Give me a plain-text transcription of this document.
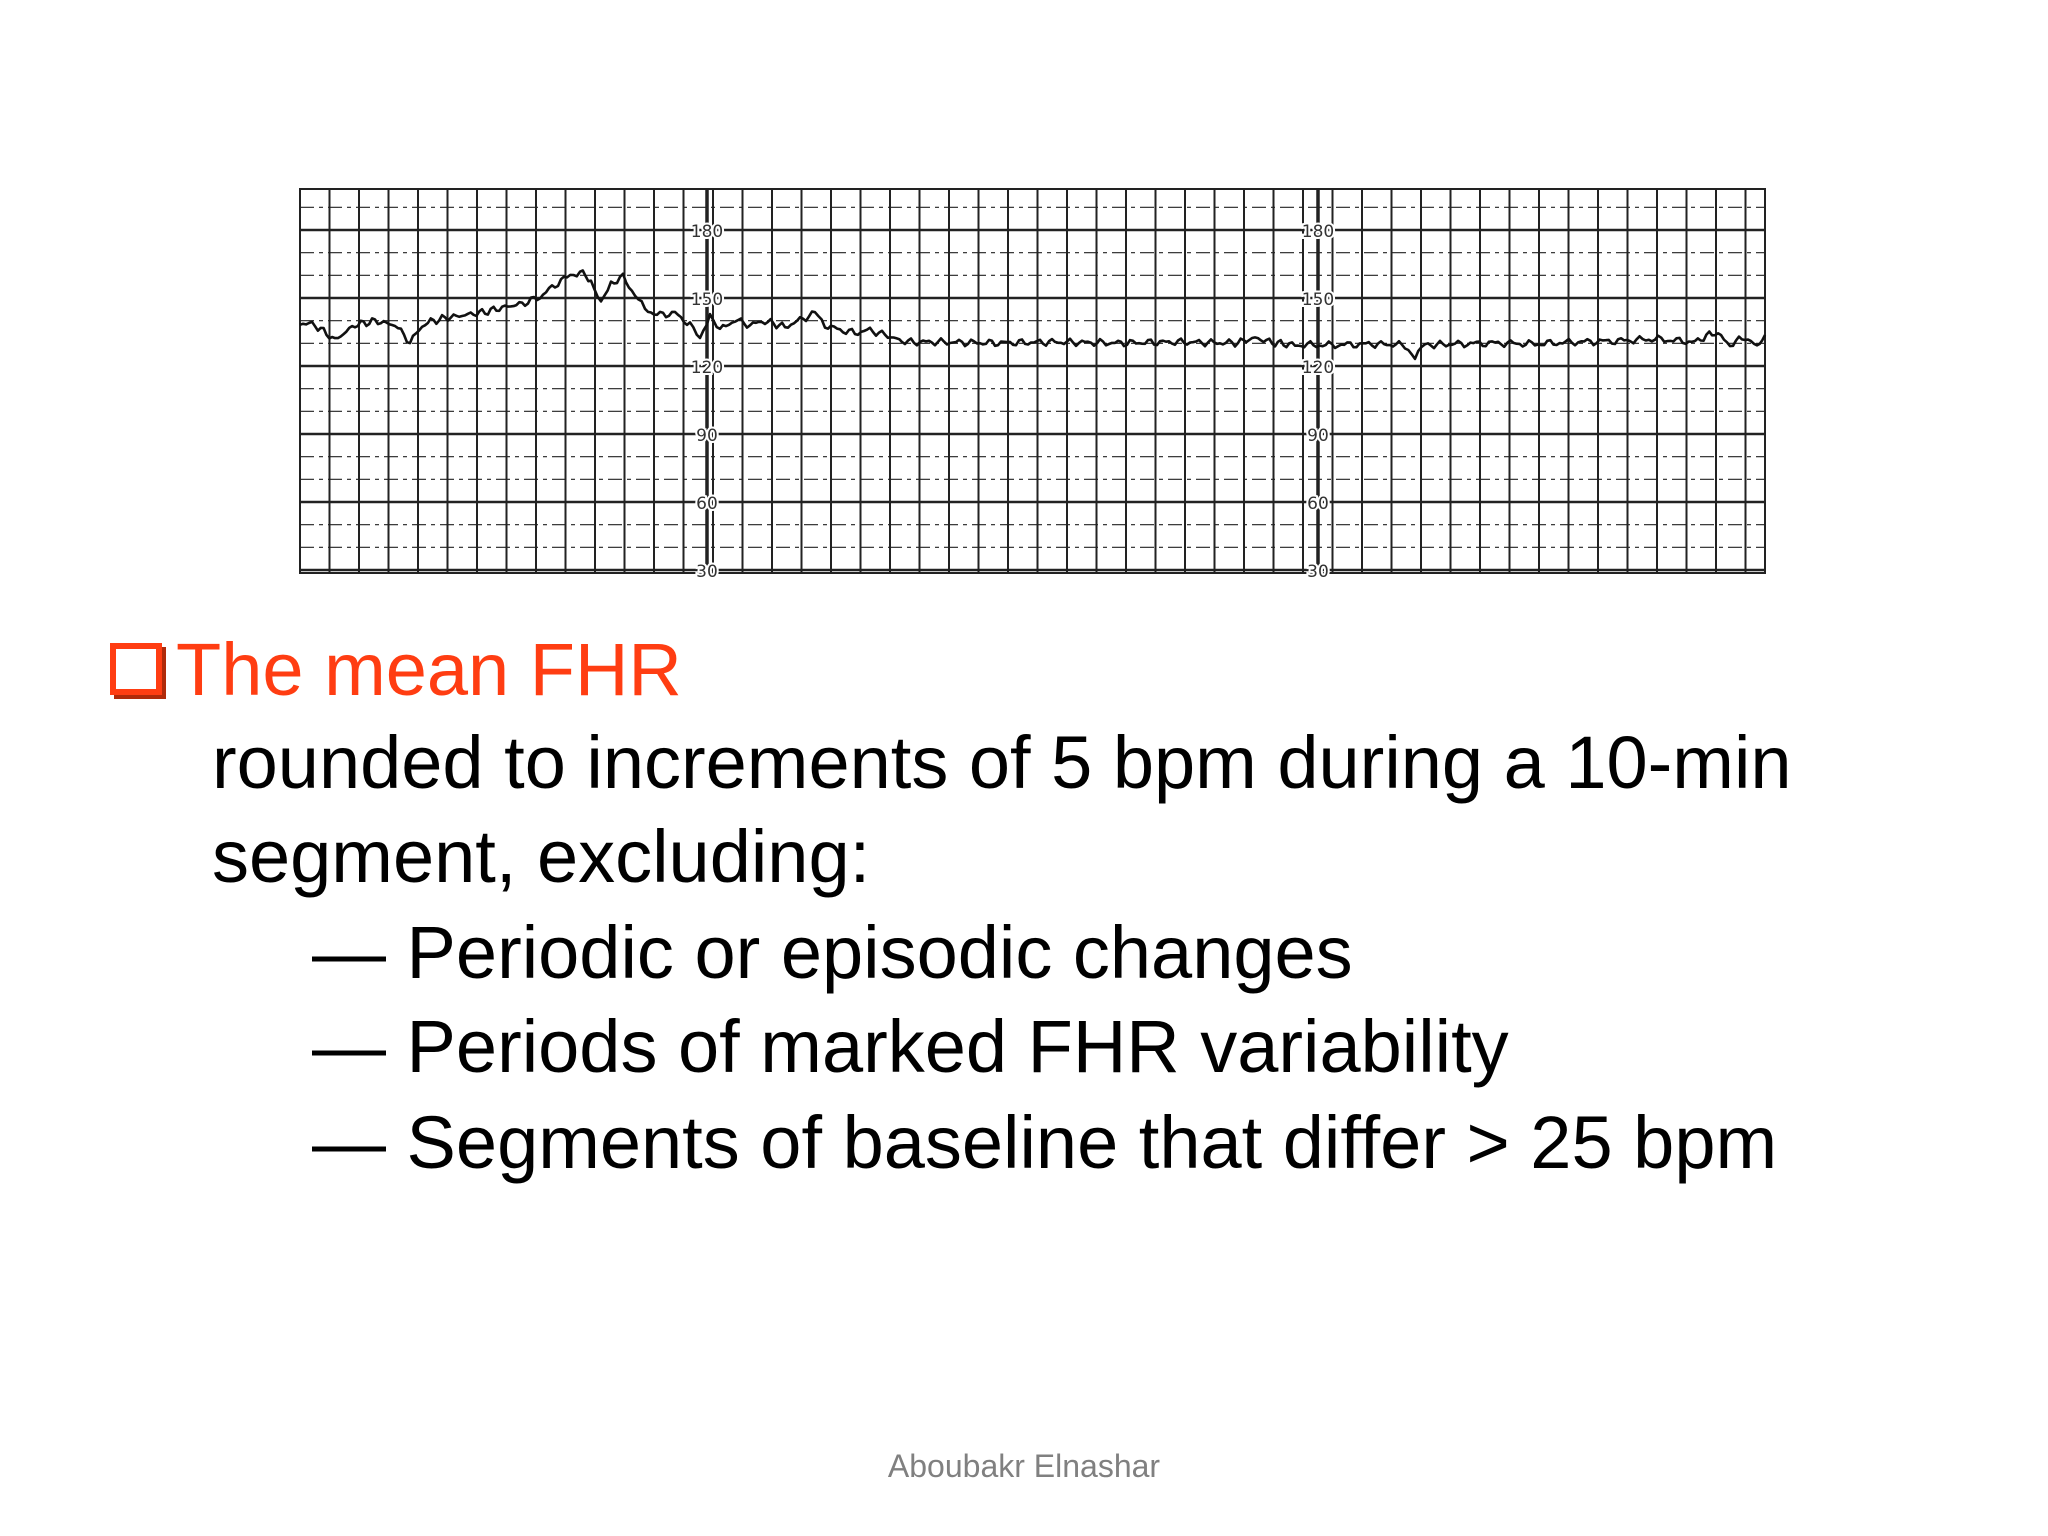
180	180
150	150
120	120
90	90
60	60
30	30
The mean FHR
rounded to increments of 5 bpm during a 10-min
segment, excluding:
— Periodic or episodic changes
— Periods of marked FHR variability
— Segments of baseline that differ > 25 bpm
Aboubakr Elnashar
